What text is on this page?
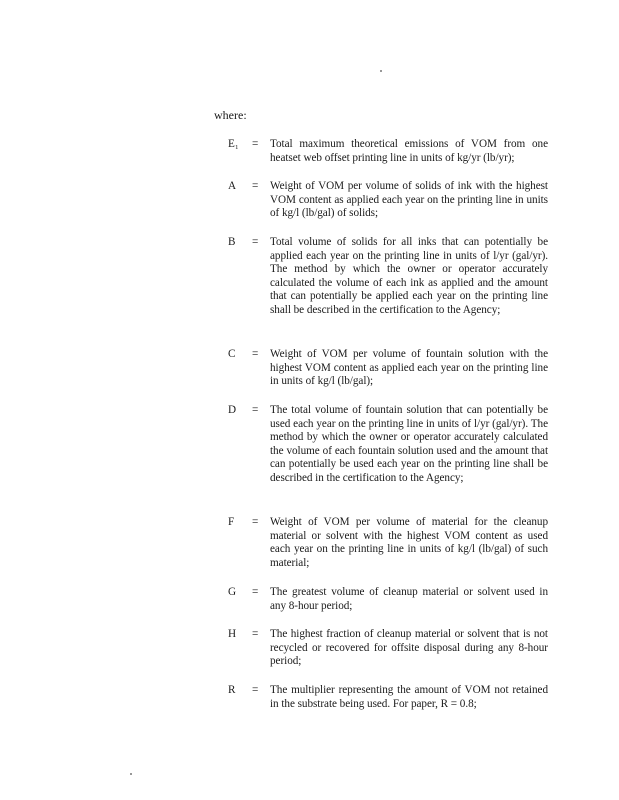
where:
E₁	=	Total maximum theoretical emissions of VOM from one heatset web offset printing line in units of kg/yr (lb/yr);
A	=	Weight of VOM per volume of solids of ink with the highest VOM content as applied each year on the printing line in units of kg/l (lb/gal) of solids;
B	=	Total volume of solids for all inks that can potentially be applied each year on the printing line in units of l/yr (gal/yr). The method by which the owner or operator accurately calculated the volume of each ink as applied and the amount that can potentially be applied each year on the printing line shall be described in the certification to the Agency;
C	=	Weight of VOM per volume of fountain solution with the highest VOM content as applied each year on the printing line in units of kg/l (lb/gal);
D	=	The total volume of fountain solution that can potentially be used each year on the printing line in units of l/yr (gal/yr). The method by which the owner or operator accurately calculated the volume of each fountain solution used and the amount that can potentially be used each year on the printing line shall be described in the certification to the Agency;
F	=	Weight of VOM per volume of material for the cleanup material or solvent with the highest VOM content as used each year on the printing line in units of kg/l (lb/gal) of such material;
G	=	The greatest volume of cleanup material or solvent used in any 8-hour period;
H	=	The highest fraction of cleanup material or solvent that is not recycled or recovered for offsite disposal during any 8-hour period;
R	=	The multiplier representing the amount of VOM not retained in the substrate being used. For paper, R = 0.8;
